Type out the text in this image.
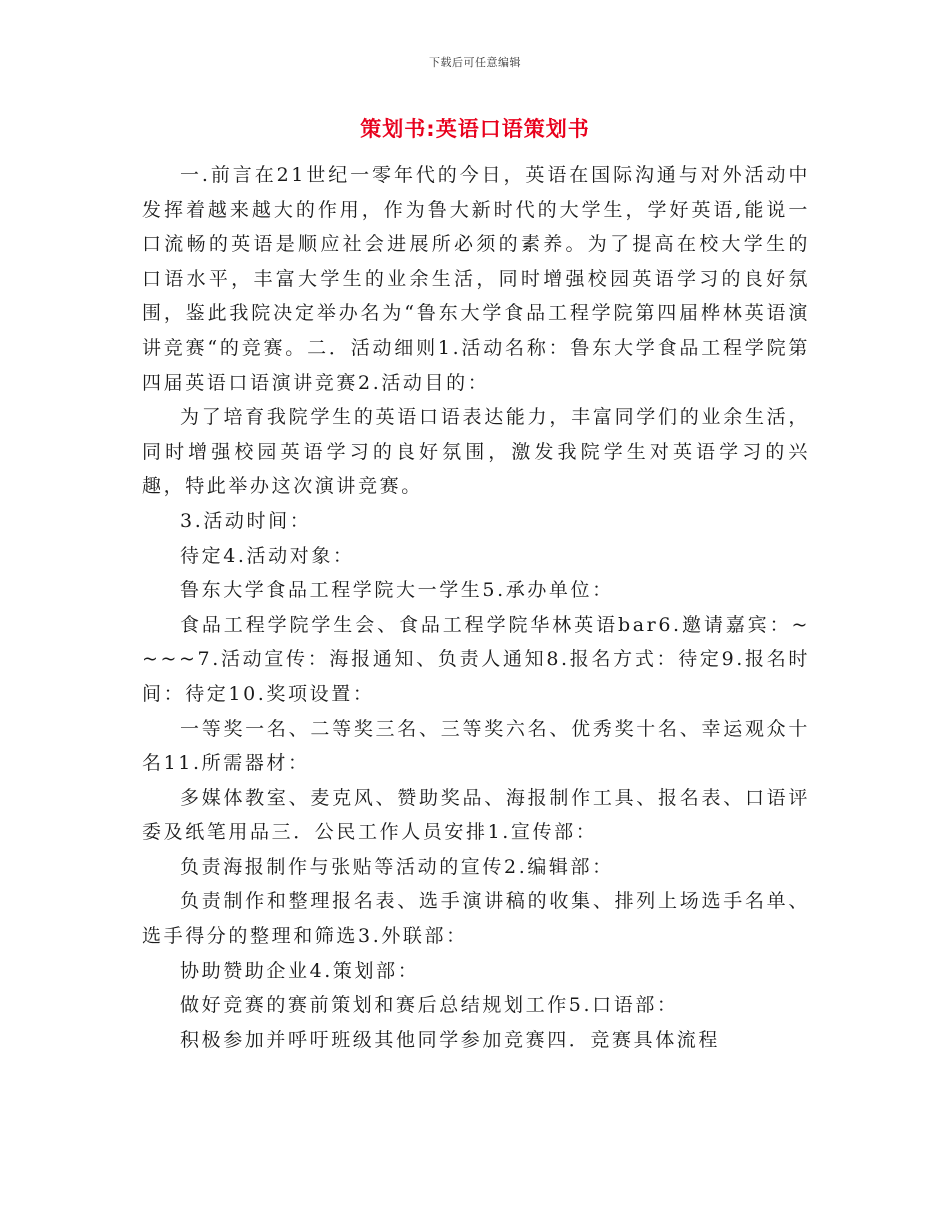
下载后可任意编辑
策划书:英语口语策划书

一.前言在21世纪一零年代的今日，英语在国际沟通与对外活动中发挥着越来越大的作用，作为鲁大新时代的大学生，学好英语,能说一口流畅的英语是顺应社会进展所必须的素养。为了提高在校大学生的口语水平，丰富大学生的业余生活，同时增强校园英语学习的良好氛围，鉴此我院决定举办名为“鲁东大学食品工程学院第四届桦林英语演讲竞赛“的竞赛。二．活动细则1.活动名称：鲁东大学食品工程学院第四届英语口语演讲竞赛2.活动目的：

为了培育我院学生的英语口语表达能力，丰富同学们的业余生活，同时增强校园英语学习的良好氛围，激发我院学生对英语学习的兴趣，特此举办这次演讲竞赛。

3.活动时间：

待定4.活动对象：

鲁东大学食品工程学院大一学生5.承办单位：

食品工程学院学生会、食品工程学院华林英语bar6.邀请嘉宾：~~~~7.活动宣传：海报通知、负责人通知8.报名方式：待定9.报名时间：待定10.奖项设置：

一等奖一名、二等奖三名、三等奖六名、优秀奖十名、幸运观众十名11.所需器材：

多媒体教室、麦克风、赞助奖品、海报制作工具、报名表、口语评委及纸笔用品三．公民工作人员安排1.宣传部：

负责海报制作与张贴等活动的宣传2.编辑部：

负责制作和整理报名表、选手演讲稿的收集、排列上场选手名单、选手得分的整理和筛选3.外联部：

协助赞助企业4.策划部：

做好竞赛的赛前策划和赛后总结规划工作5.口语部：

积极参加并呼吁班级其他同学参加竞赛四．竞赛具体流程
